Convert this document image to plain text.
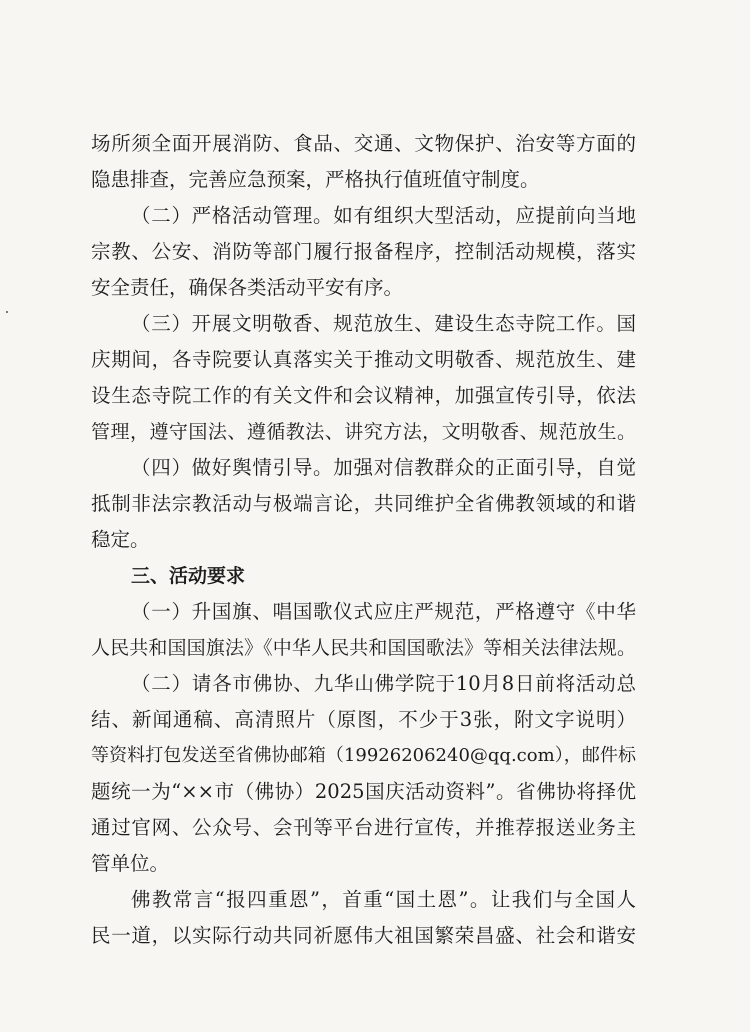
场所须全面开展消防、食品、交通、文物保护、治安等方面的
隐患排查，完善应急预案，严格执行值班值守制度。
（二）严格活动管理。如有组织大型活动，应提前向当地
宗教、公安、消防等部门履行报备程序，控制活动规模，落实
安全责任，确保各类活动平安有序。
（三）开展文明敬香、规范放生、建设生态寺院工作。国
庆期间，各寺院要认真落实关于推动文明敬香、规范放生、建
设生态寺院工作的有关文件和会议精神，加强宣传引导，依法
管理，遵守国法、遵循教法、讲究方法，文明敬香、规范放生。
（四）做好舆情引导。加强对信教群众的正面引导，自觉
抵制非法宗教活动与极端言论，共同维护全省佛教领域的和谐
稳定。
三、活动要求
（一）升国旗、唱国歌仪式应庄严规范，严格遵守《中华
人民共和国国旗法》《中华人民共和国国歌法》等相关法律法规。
（二）请各市佛协、九华山佛学院于10月8日前将活动总
结、新闻通稿、高清照片（原图，不少于3张，附文字说明）
等资料打包发送至省佛协邮箱（19926206240@qq.com），邮件标
题统一为“××市（佛协）2025国庆活动资料”。省佛协将择优
通过官网、公众号、会刊等平台进行宣传，并推荐报送业务主
管单位。
佛教常言“报四重恩”，首重“国土恩”。让我们与全国人
民一道，以实际行动共同祈愿伟大祖国繁荣昌盛、社会和谐安
